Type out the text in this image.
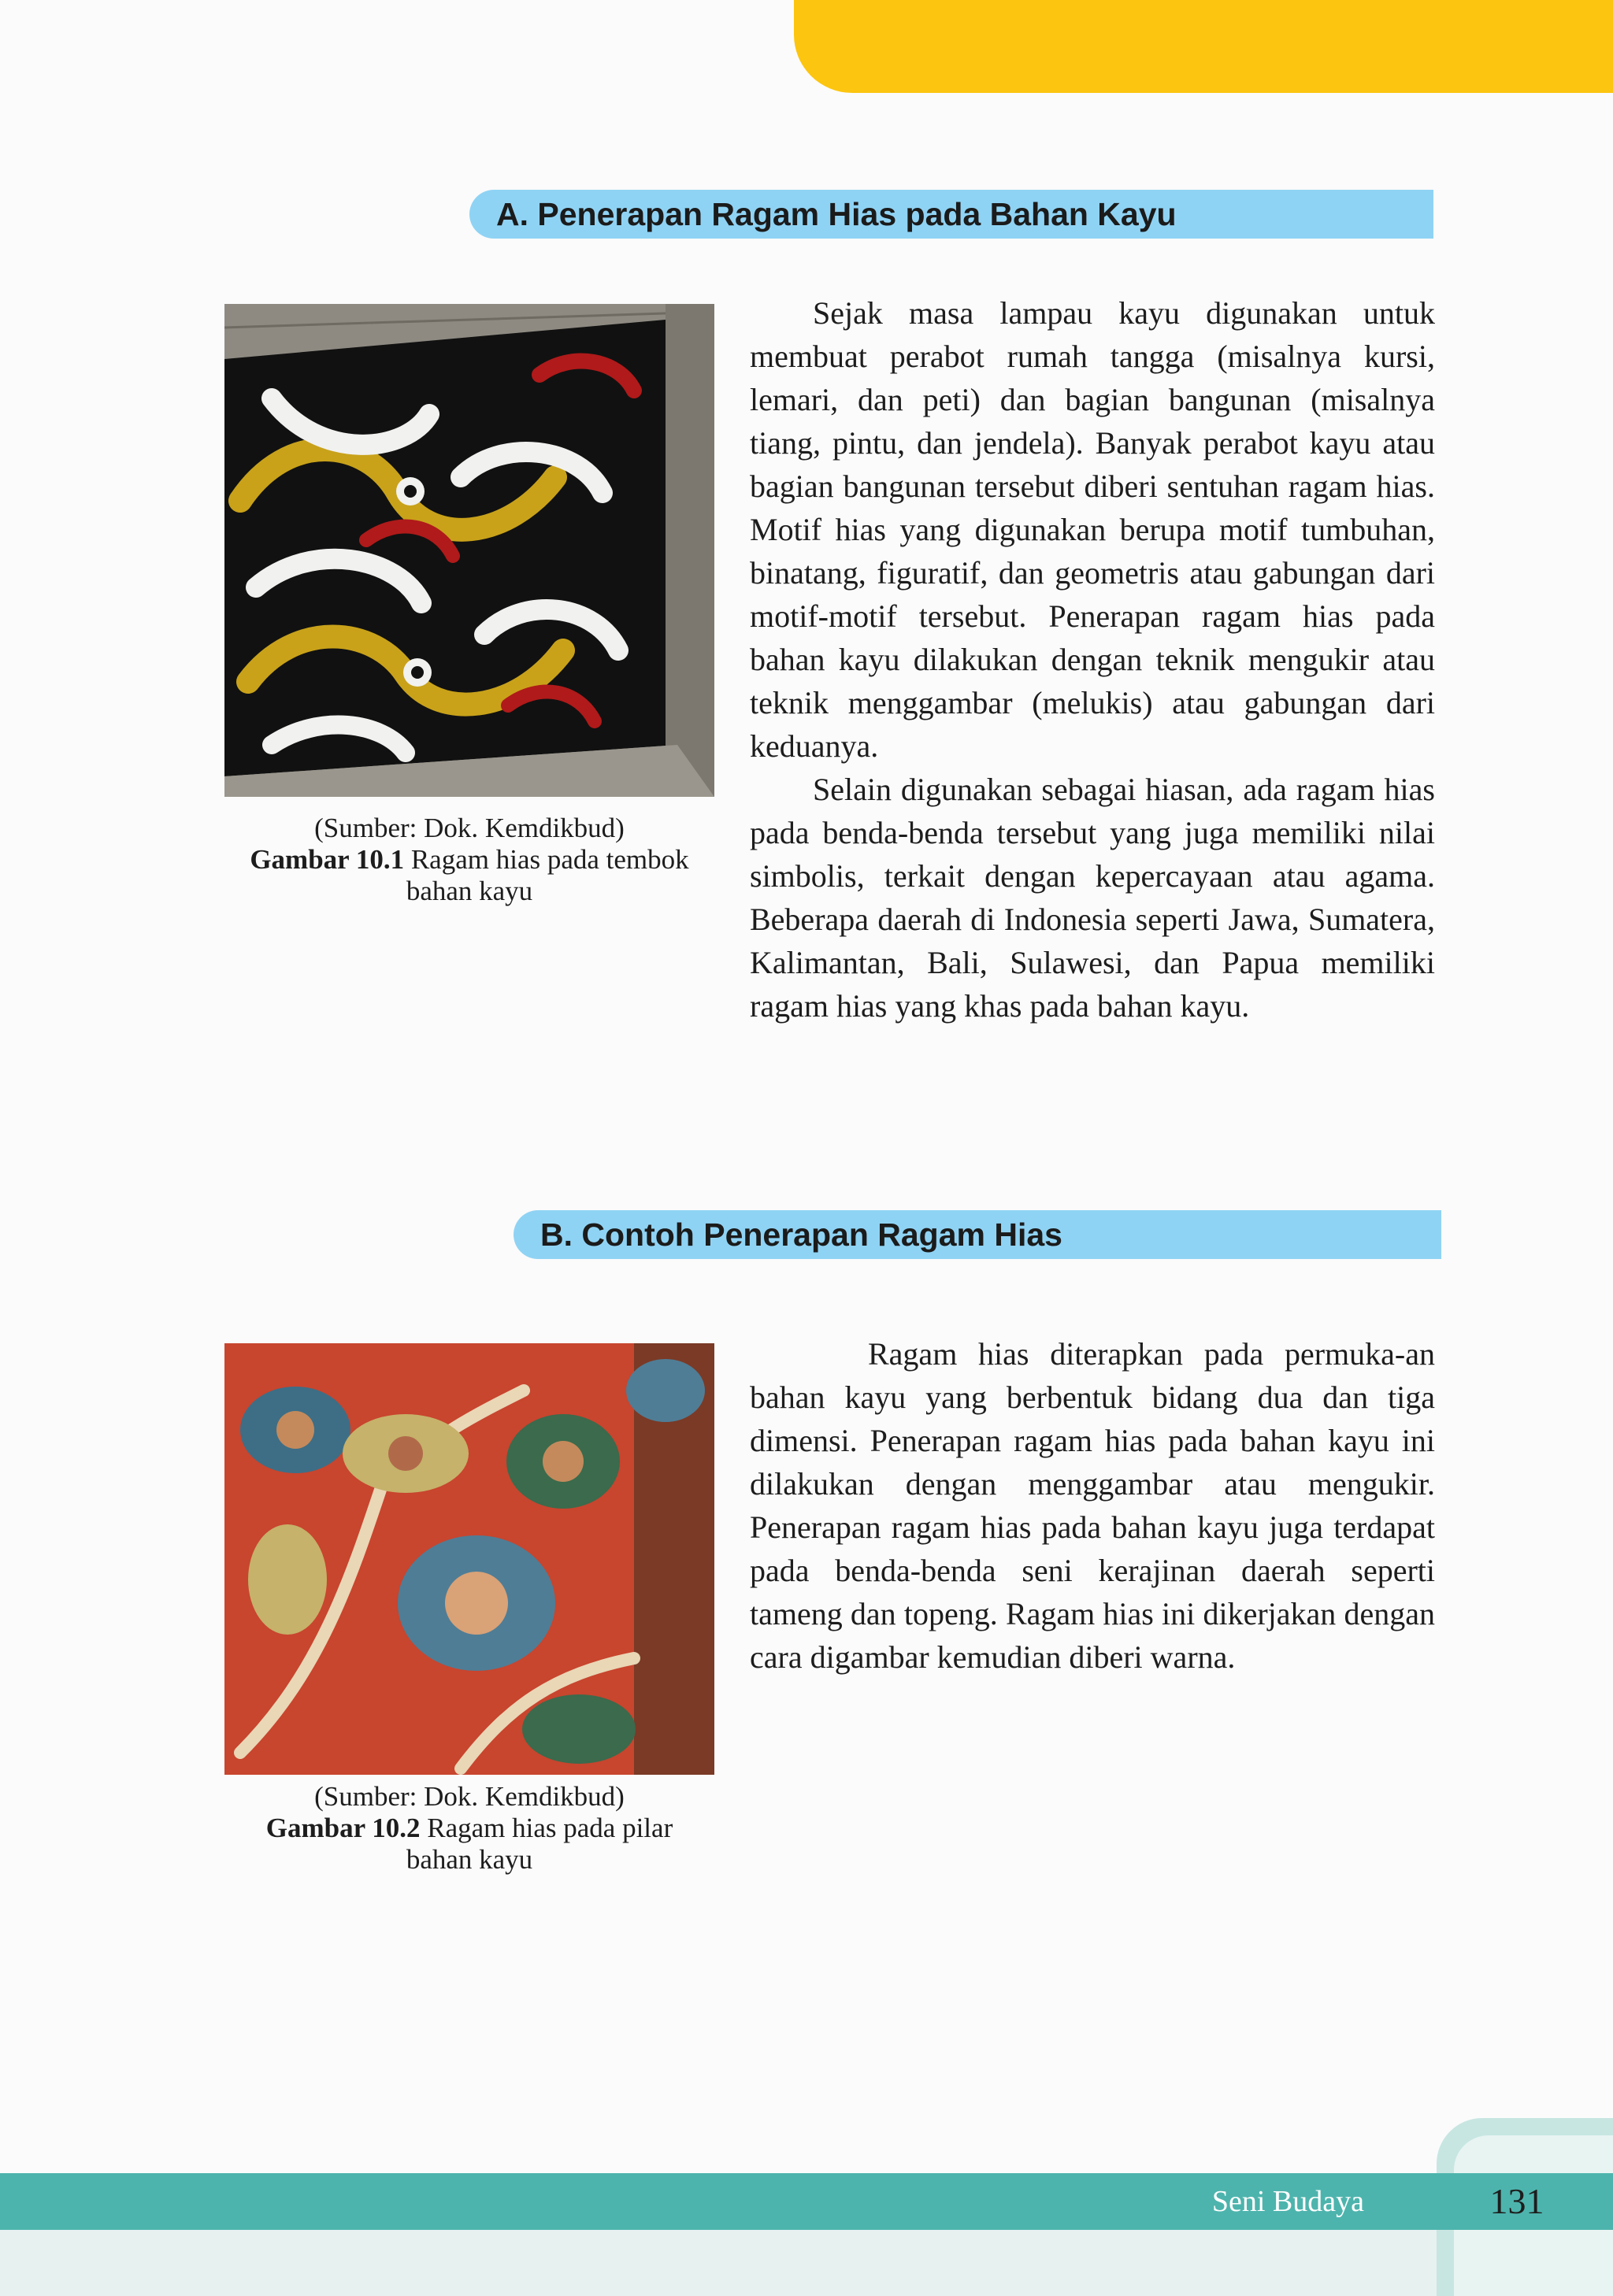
A. Penerapan Ragam Hias pada Bahan Kayu
(Sumber: Dok. Kemdikbud)
Gambar 10.1 Ragam hias pada tembok
bahan kayu

Sejak masa lampau kayu digunakan untuk membuat perabot rumah tangga (misalnya kursi, lemari, dan peti) dan bagian bangunan (misalnya tiang, pintu, dan jendela). Banyak perabot kayu atau bagian bangunan tersebut diberi sentuhan ragam hias. Motif hias yang digunakan berupa motif tumbuhan, binatang, figuratif, dan geometris atau gabungan dari motif-motif tersebut. Penerapan ragam hias pada bahan kayu dilakukan dengan teknik mengukir atau teknik menggambar (melukis) atau gabungan dari keduanya.

Selain digunakan sebagai hiasan, ada ragam hias pada benda-benda tersebut yang juga memiliki nilai simbolis, terkait dengan kepercayaan atau agama. Beberapa daerah di Indonesia seperti Jawa, Sumatera, Kalimantan, Bali, Sulawesi, dan Papua memiliki ragam hias yang khas pada bahan kayu.

B. Contoh Penerapan Ragam Hias
(Sumber: Dok. Kemdikbud)
Gambar 10.2 Ragam hias pada pilar
bahan kayu

Ragam hias diterapkan pada permuka-an bahan kayu yang berbentuk bidang dua dan tiga dimensi. Penerapan ragam hias pada bahan kayu ini dilakukan dengan menggambar atau mengukir. Penerapan ragam hias pada bahan kayu juga terdapat pada benda-benda seni kerajinan daerah seperti tameng dan topeng. Ragam hias ini dikerjakan dengan cara digambar kemudian diberi warna.

Seni Budaya	131
